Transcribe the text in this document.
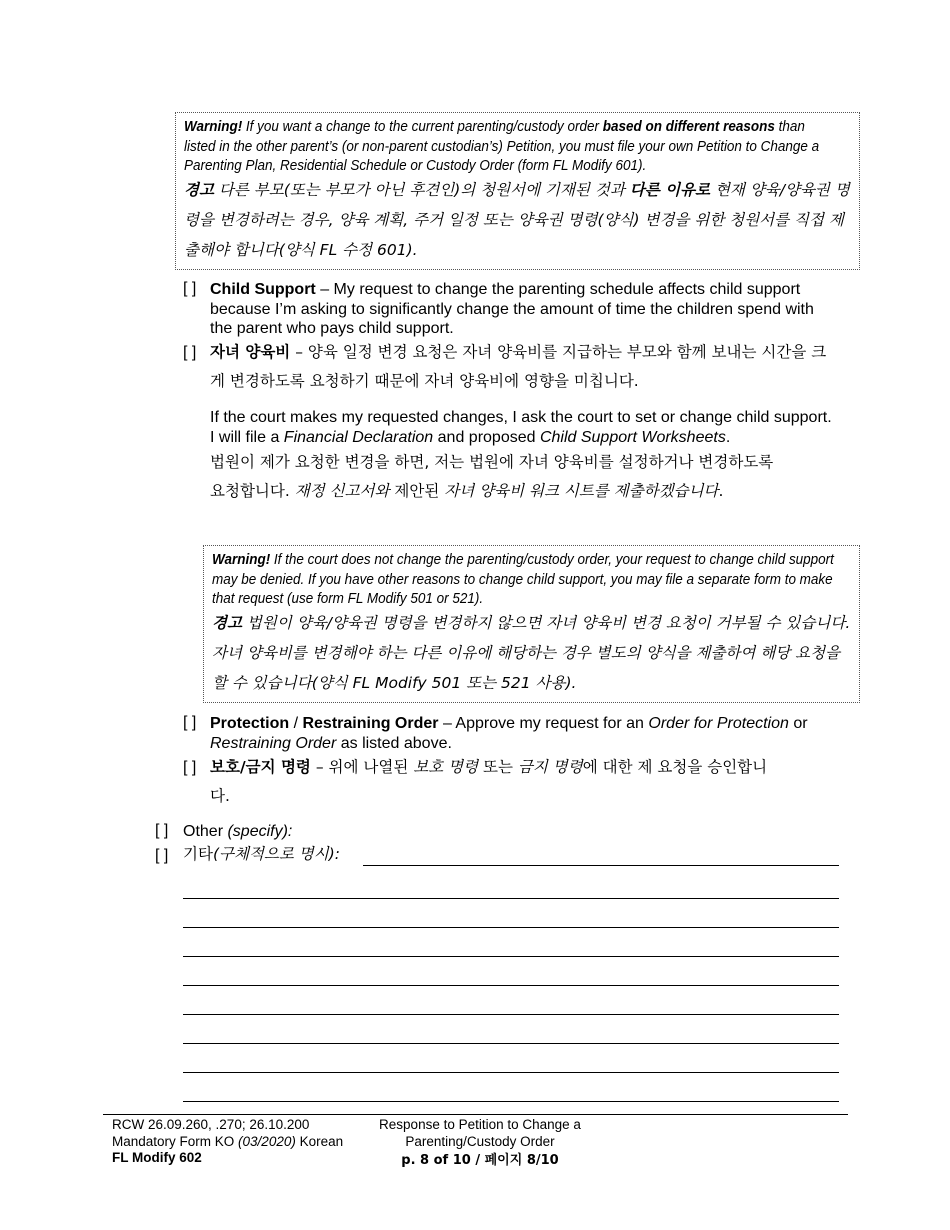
Warning! If you want a change to the current parenting/custody order based on different reasons than listed in the other parent’s (or non-parent custodian’s) Petition, you must file your own Petition to Change a Parenting Plan, Residential Schedule or Custody Order (form FL Modify 601).
경고 다른 부모(또는 부모가 아닌 후견인)의 청원서에 기재된 것과 다른 이유로 현재 양육/양육권 명령을 변경하려는 경우, 양육 계획, 주거 일정 또는 양육권 명령(양식) 변경을 위한 청원서를 직접 제출해야 합니다(양식 FL 수정 601).
[ ] Child Support – My request to change the parenting schedule affects child support because I’m asking to significantly change the amount of time the children spend with the parent who pays child support.
[ ] 자녀 양육비 – 양육 일정 변경 요청은 자녀 양육비를 지급하는 부모와 함께 보내는 시간을 크게 변경하도록 요청하기 때문에 자녀 양육비에 영향을 미칩니다.
If the court makes my requested changes, I ask the court to set or change child support. I will file a Financial Declaration and proposed Child Support Worksheets.
법원이 제가 요청한 변경을 하면, 저는 법원에 자녀 양육비를 설정하거나 변경하도록 요청합니다. 재정 신고서와 제안된 자녀 양육비 워크 시트를 제출하겠습니다.
Warning! If the court does not change the parenting/custody order, your request to change child support may be denied. If you have other reasons to change child support, you may file a separate form to make that request (use form FL Modify 501 or 521).
경고 법원이 양육/양육권 명령을 변경하지 않으면 자녀 양육비 변경 요청이 거부될 수 있습니다. 자녀 양육비를 변경해야 하는 다른 이유에 해당하는 경우 별도의 양식을 제출하여 해당 요청을 할 수 있습니다(양식 FL Modify 501 또는 521 사용).
[ ] Protection / Restraining Order – Approve my request for an Order for Protection or Restraining Order as listed above.
[ ] 보호/금지 명령 – 위에 나열된 보호 명령 또는 금지 명령에 대한 제 요청을 승인합니다.
[ ] Other (specify):
[ ] 기타(구체적으로 명시):
RCW 26.09.260, .270; 26.10.200
Mandatory Form KO (03/2020) Korean
FL Modify 602
Response to Petition to Change a
Parenting/Custody Order
p. 8 of 10 / 페이지 8/10
